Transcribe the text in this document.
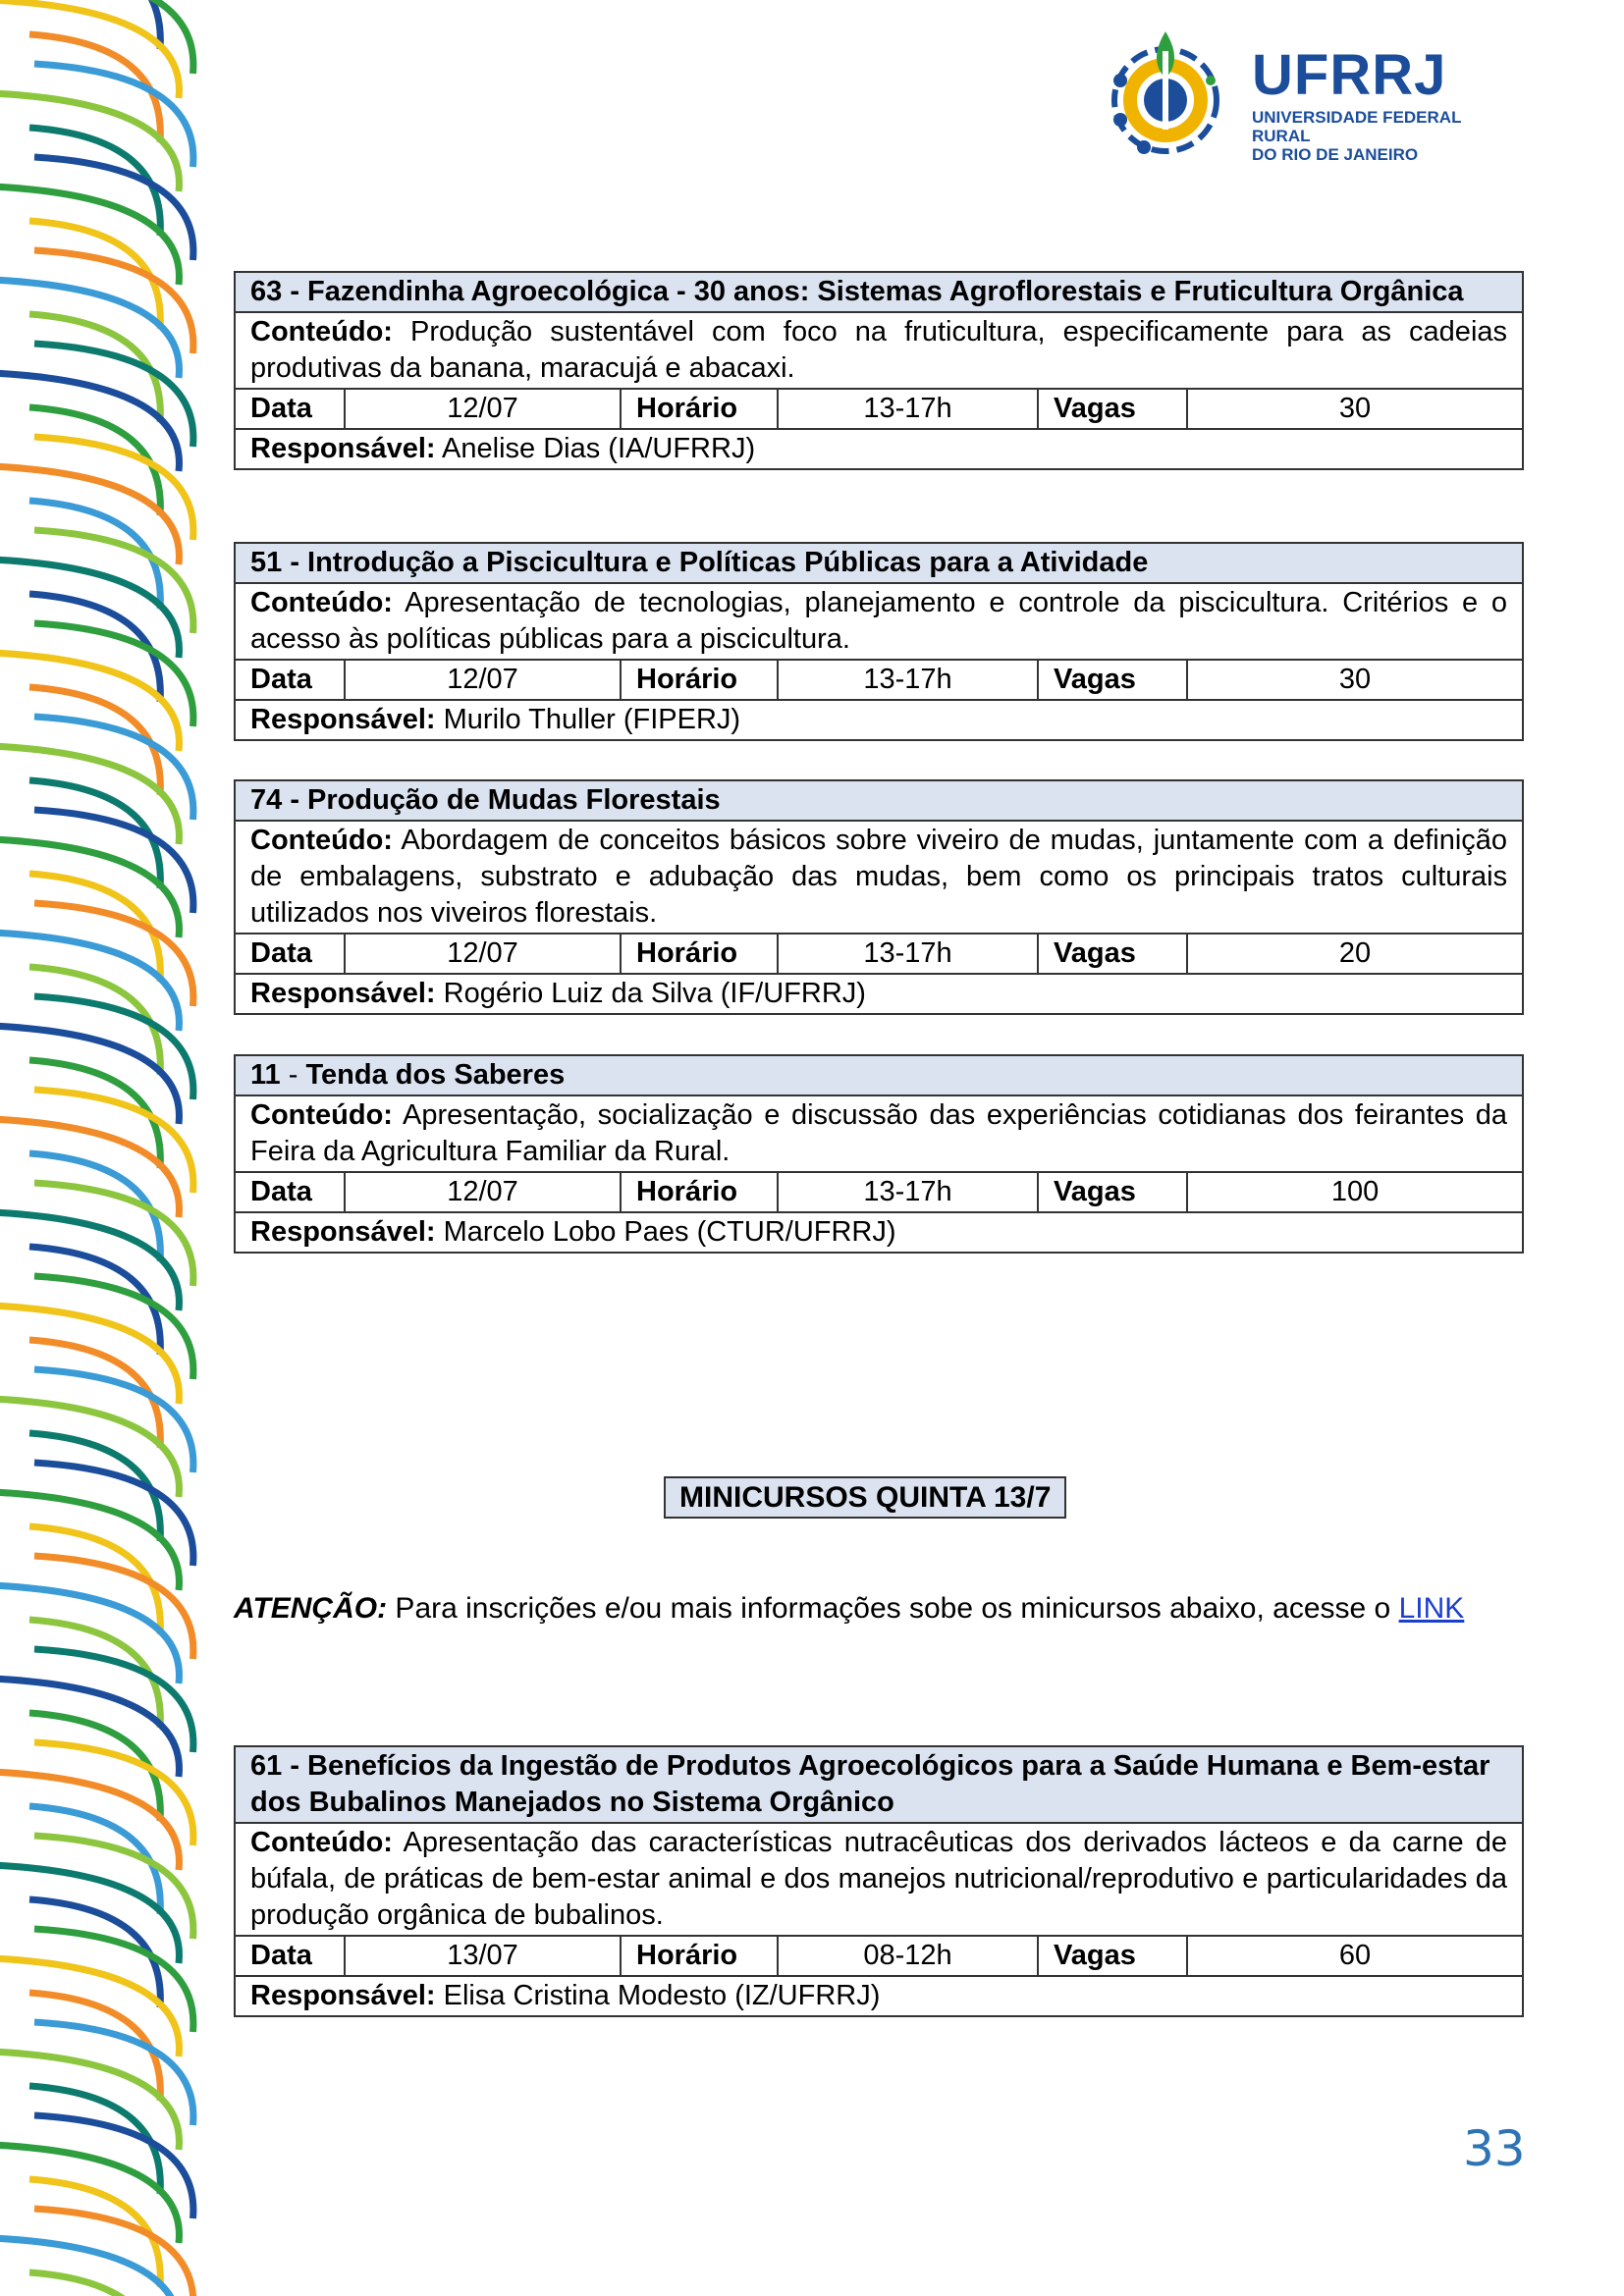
UFRRJ
UNIVERSIDADE FEDERAL RURAL
DO RIO DE JANEIRO
63 - Fazendinha Agroecológica - 30 anos: Sistemas Agroflorestais e Fruticultura Orgânica
Conteúdo: Produção sustentável com foco na fruticultura, especificamente para as cadeias produtivas da banana, maracujá e abacaxi.
Data	12/07	Horário	13-17h	Vagas	30
Responsável: Anelise Dias (IA/UFRRJ)
51 - Introdução a Piscicultura e Políticas Públicas para a Atividade
Conteúdo: Apresentação de tecnologias, planejamento e controle da piscicultura. Critérios e o acesso às políticas públicas para a piscicultura.
Data	12/07	Horário	13-17h	Vagas	30
Responsável: Murilo Thuller (FIPERJ)
74 - Produção de Mudas Florestais
Conteúdo: Abordagem de conceitos básicos sobre viveiro de mudas, juntamente com a definição de embalagens, substrato e adubação das mudas, bem como os principais tratos culturais utilizados nos viveiros florestais.
Data	12/07	Horário	13-17h	Vagas	20
Responsável: Rogério Luiz da Silva (IF/UFRRJ)
11 - Tenda dos Saberes
Conteúdo: Apresentação, socialização e discussão das experiências cotidianas dos feirantes da Feira da Agricultura Familiar da Rural.
Data	12/07	Horário	13-17h	Vagas	100
Responsável: Marcelo Lobo Paes (CTUR/UFRRJ)
MINICURSOS QUINTA 13/7
ATENÇÃO: Para inscrições e/ou mais informações sobe os minicursos abaixo, acesse o LINK
61 - Benefícios da Ingestão de Produtos Agroecológicos para a Saúde Humana e Bem-estar dos Bubalinos Manejados no Sistema Orgânico
Conteúdo: Apresentação das características nutracêuticas dos derivados lácteos e da carne de búfala, de práticas de bem-estar animal e dos manejos nutricional/reprodutivo e particularidades da produção orgânica de bubalinos.
Data	13/07	Horário	08-12h	Vagas	60
Responsável: Elisa Cristina Modesto (IZ/UFRRJ)
33
